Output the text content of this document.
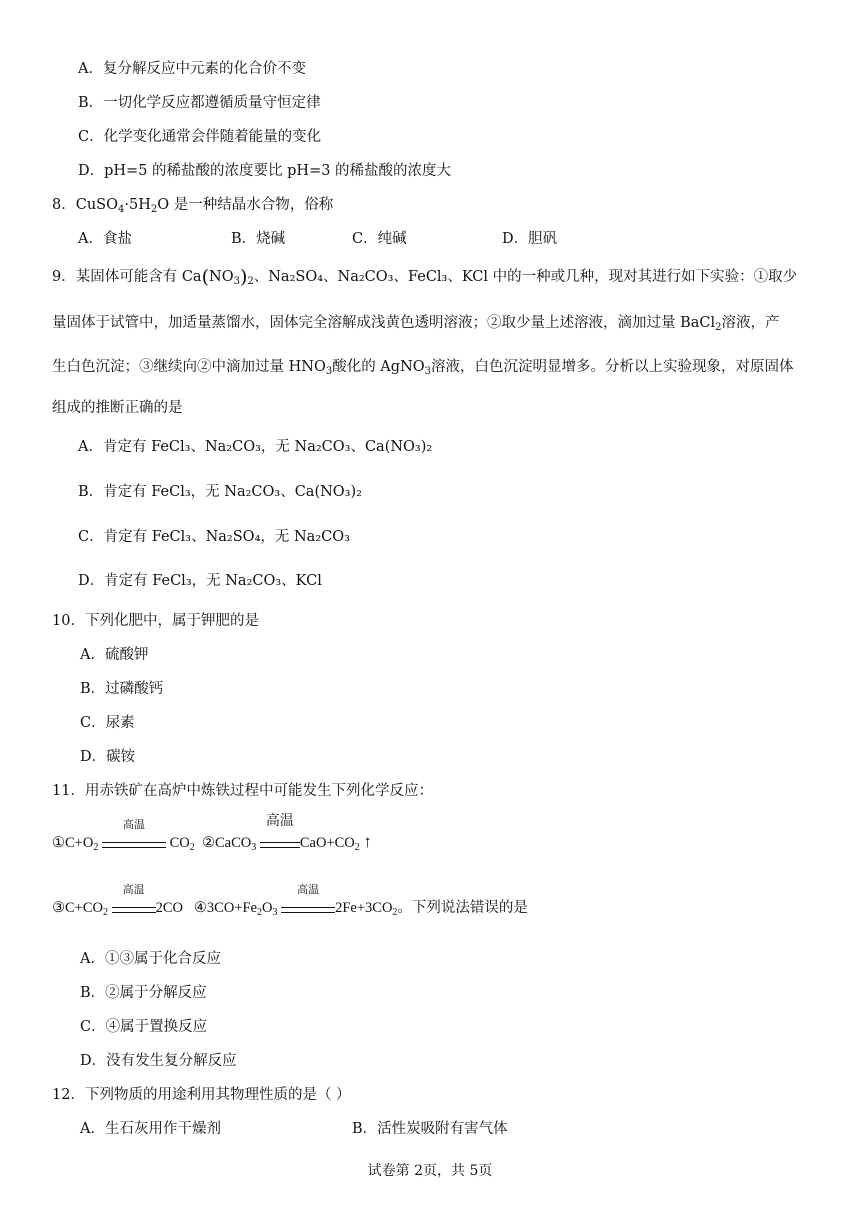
A．复分解反应中元素的化合价不变
B．一切化学反应都遵循质量守恒定律
C．化学变化通常会伴随着能量的变化
D．pH=5 的稀盐酸的浓度要比 pH=3 的稀盐酸的浓度大
8．$CuSO_4\cdot 5H_2O$ 是一种结晶水合物，俗称
A．食盐	B．烧碱	C．纯碱	D．胆矾
9．某固体可能含有 $Ca(NO_3)_2$、Na₂SO₄、Na₂CO₃、FeCl₃、KCl 中的一种或几种，现对其进行如下实验：①取少
量固体于试管中，加适量蒸馏水，固体完全溶解成浅黄色透明溶液；②取少量上述溶液，滴加过量 BaCl$_2$溶液，产
生白色沉淀；③继续向②中滴加过量 $HNO_3$酸化的 AgNO$_3$溶液，白色沉淀明显增多。分析以上实验现象，对原固体
组成的推断正确的是
A．肯定有 FeCl₃、Na₂CO₃，无 Na₂CO₃、Ca(NO₃)₂
B．肯定有 FeCl₃，无 Na₂CO₃、Ca(NO₃)₂
C．肯定有 FeCl₃、Na₂SO₄，无 Na₂CO₃
D．肯定有 FeCl₃，无 Na₂CO₃、KCl
10．下列化肥中，属于钾肥的是
A．硫酸钾
B．过磷酸钙
C．尿素
D．碳铵
11．用赤铁矿在高炉中炼铁过程中可能发生下列化学反应：
$①C+O_2$
高温
$CO_2$ ②CaCO$_3$
高温
$CaO+CO_2$ ↑
$③C+CO_2$
高温
2CO   $④3CO+Fe_2O_3$
高温
$2Fe+3CO_2$。下列说法错误的是
A．①③属于化合反应
B．②属于分解反应
C．④属于置换反应
D．没有发生复分解反应
12．下列物质的用途利用其物理性质的是（ ）
A．生石灰用作干燥剂	B．活性炭吸附有害气体
试卷第 2页，共 5页
